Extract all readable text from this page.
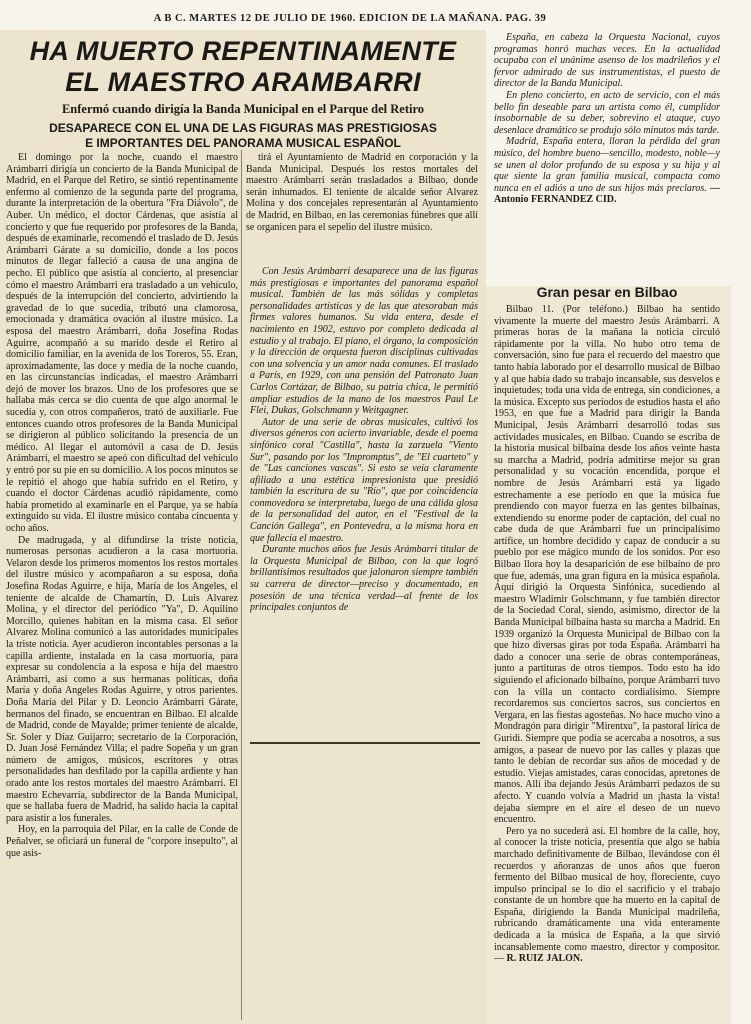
A B C. MARTES 12 DE JULIO DE 1960. EDICION DE LA MAÑANA. PAG. 39
HA MUERTO REPENTINAMENTE
EL MAESTRO ARAMBARRI
Enfermó cuando dirigía la Banda Municipal en el Parque del Retiro
DESAPARECE CON EL UNA DE LAS FIGURAS MAS PRESTIGIOSAS
E IMPORTANTES DEL PANORAMA MUSICAL ESPAÑOL

El domingo por la noche, cuando el maestro Arámbarri dirigía un concierto de la Banda Municipal de Madrid, en el Parque del Retiro, se sintió repentinamente enfermo al comienzo de la segunda parte del programa, durante la interpretación de la obertura "Fra Diávolo", de Auber. Un médico, el doctor Cárdenas, que asistía al concierto y que fue requerido por profesores de la Banda, después de examinarle, recomendó el traslado de D. Jesús Arámbarri Gárate a su domicilio, donde a los pocos minutos de llegar falleció a causa de una angina de pecho. El público que asistía al concierto, al presenciar cómo el maestro Arámbarri era trasladado a un vehículo, después de la interrupción del concierto, advirtiendo la gravedad de lo que sucedía, tributó una clamorosa, emocionada y dramática ovación al ilustre músico. La esposa del maestro Arámbarri, doña Josefina Rodas Aguirre, acompañó a su marido desde el Retiro al domicilio familiar, en la avenida de los Toreros, 55. Eran, aproximadamente, las doce y media de la noche cuando, en las circunstancias indicadas, el maestro Arámbarri dejó de mover los brazos. Uno de los profesores que se hallaba más cerca se dio cuenta de que algo anormal le sucedía y, con otros compañeros, trató de auxiliarle. Fue entonces cuando otros profesores de la Banda Municipal se dirigieron al público solicitando la presencia de un médico. Al llegar el automóvil a casa de D. Jesús Arámbarri, el maestro se apeó con dificultad del vehículo y entró por su pie en su domicilio. A los pocos minutos se le repitió el ahogo que había sufrido en el Retiro, y cuando el doctor Cárdenas acudió rápidamente, como había prometido al examinarle en el Parque, ya se había extinguido su vida. El ilustre músico contaba cincuenta y ocho años.

De madrugada, y al difundirse la triste noticia, numerosas personas acudieron a la casa mortuoria. Velaron desde los primeros momentos los restos mortales del ilustre músico y acompañaron a su esposa, doña Josefina Rodas Aguirre, e hija, María de los Angeles, el teniente de alcalde de Chamartín, D. Luis Alvarez Molina, y el director del periódico "Ya", D. Aquilino Morcillo, quienes habitan en la misma casa. El señor Alvarez Molina comunicó a las autoridades municipales la triste noticia. Ayer acudieron incontables personas a la capilla ardiente, instalada en la casa mortuoria, para expresar su condolencia a la esposa e hija del maestro Arámbarri, así como a sus hermanas políticas, doña María y doña Angeles Rodas Aguirre, y otros parientes. Doña María del Pilar y D. Leoncio Arámbarri Gárate, hermanos del finado, se encuentran en Bilbao. El alcalde de Madrid, conde de Mayalde; primer teniente de alcalde, Sr. Soler y Díaz Guijarro; secretario de la Corporación, D. Juan José Fernández Villa; el padre Sopeña y un gran número de amigos, músicos, escritores y otras personalidades han desfilado por la capilla ardiente y han orado ante los restos mortales del maestro Arámbarri. El maestro Echevarría, subdirector de la Banda Municipal, que se hallaba fuera de Madrid, ha salido hacia la capital para asistir a los funerales.

Hoy, en la parroquia del Pilar, en la calle de Conde de Peñalver, se oficiará un funeral de "corpore insepulto", al que asis-

tirá el Ayuntamiento de Madrid en corporación y la Banda Municipal. Después los restos mortales del maestro Arámbarri serán trasladados a Bilbao, donde serán inhumados. El teniente de alcalde señor Alvarez Molina y dos concejales representarán al Ayuntamiento de Madrid, en Bilbao, en las ceremonias fúnebres que allí se organicen para el sepelio del ilustre músico.

Con Jesús Arámbarri desaparece una de las figuras más prestigiosas e importantes del panorama español musical. También de las más sólidas y completas personalidades artísticas y de las que atesoraban más firmes valores humanos. Su vida entera, desde el nacimiento en 1902, estuvo por completo dedicada al estudio y al trabajo. El piano, el órgano, la composición y la dirección de orquesta fueron disciplinas cultivadas con una solvencia y un amor nada comunes. El traslado a París, en 1929, con una pensión del Patronato Juan Carlos Cortázar, de Bilbao, su patria chica, le permitió ampliar estudios de la mano de los maestros Paul Le Flei, Dukas, Golschmann y Weitgagner.

Autor de una serie de obras musicales, cultivó los diversos géneros con acierto invariable, desde el poema sinfónico coral "Castilla", hasta la zarzuela "Viento Sur", pasando por los "Impromptus", de "El cuarteto" y de "Las canciones vascas". Si esto se veía claramente afiliado a una estética impresionista que presidió también la escritura de su "Río", que por coincidencia conmovedora se interpretaba, luego de una cálida glosa de la personalidad del autor, en el "Festival de la Canción Gallega", en Pontevedra, a la misma hora en que fallecía el maestro.

Durante muchos años fue Jesús Arámbarri titular de la Orquesta Municipal de Bilbao, con la que logró brillantísimos resultados que jalonaron siempre también su carrera de director—preciso y documentado, en posesión de una técnica verdad—al frente de los principales conjuntos de

España, en cabeza la Orquesta Nacional, cuyos programas honró muchas veces. En la actualidad ocupaba con el unánime asenso de los madrileños y el fervor admirado de sus instrumentistas, el puesto de director de la Banda Municipal.

En pleno concierto, en acto de servicio, con el más bello fin deseable para un artista como él, cumplidor insobornable de su deber, sobrevino el ataque, cuyo desenlace dramático se produjo sólo minutos más tarde.

Madrid, España entera, lloran la pérdida del gran músico, del hombre bueno—sencillo, modesto, noble—y se unen al dolor profundo de su esposa y su hija y al que siente la gran familia musical, compacta como nunca en el adiós a uno de sus hijos más preclaros. — Antonio FERNANDEZ CID.

Gran pesar en Bilbao

Bilbao 11. (Por teléfono.) Bilbao ha sentido vivamente la muerte del maestro Jesús Arámbarri. A primeras horas de la mañana la noticia circuló rápidamente por la villa. No hubo otro tema de conversación, sino fue para el recuerdo del maestro que tanto había laborado por el desarrollo musical de Bilbao y al que había dado su trabajo incansable, sus desvelos e inquietudes; toda una vida de entrega, sin condiciones, a la música. Excepto sus períodos de estudios hasta el año 1953, en que fue a Madrid para dirigir la Banda Municipal, Jesús Arámbarri desarrolló todas sus actividades musicales, en Bilbao. Cuando se escriba de la historia musical bilbaína desde los años veinte hasta su marcha a Madrid, podría admitirse mejor su gran personalidad y su vocación encendida, porque el nombre de Jesús Arámbarri está ya ligado estrechamente a ese período en que la música fue prendiendo con mayor fuerza en las gentes bilbaínas, extendiendo su enorme poder de captación, del cual no cabe duda de que Arámbarri fue un principalísimo artífice, un hombre decidido y capaz de conducir a su pueblo por ese mágico mundo de los sonidos. Por eso Bilbao llora hoy la desaparición de ese bilbaíno de pro que fue, además, una gran figura en la música española. Aquí dirigió la Orquesta Sinfónica, sucediendo al maestro Wladimir Golschmann, y fue también director de la Sociedad Coral, siendo, asimismo, director de la Banda Municipal bilbaína hasta su marcha a Madrid. En 1939 organizó la Orquesta Municipal de Bilbao con la que hizo diversas giras por toda España. Arámbarri ha dado a conocer una serie de obras contemporáneas, junto a partituras de otros tiempos. Todo esto ha ido siguiendo el aficionado bilbaíno, porque Arámbarri tuvo con la villa un contacto cordialísimo. Siempre recordaremos sus conciertos sacros, sus conciertos en Vergara, en las fiestas agosteñas. No hace mucho vino a Mondragón para dirigir "Mirentxu", la pastoral lírica de Guridi. Siempre que podía se acercaba a nosotros, a sus amigos, a pasear de nuevo por las calles y plazas que tanto le debían de recordar sus años de mocedad y de estudio. Viejas amistades, caras conocidas, apretones de manos. Allí iba dejando Jesús Arámbarri pedazos de su afecto. Y cuando volvía a Madrid un ¡hasta la vista! dejaba siempre en el aire el deseo de un nuevo encuentro.

Pero ya no sucederá así. El hombre de la calle, hoy, al conocer la triste noticia, presentía que algo se había marchado definitivamente de Bilbao, llevándose con él recuerdos y añoranzas de unos años que fueron fermento del Bilbao musical de hoy, floreciente, cuyo impulso principal se lo dio el sacrificio y el trabajo constante de un hombre que ha muerto en la capital de España, dirigiendo la Banda Municipal madrileña, rubricando dramáticamente una vida enteramente dedicada a la música de España, a la que sirvió incansablemente como maestro, director y compositor.— R. RUIZ JALON.
